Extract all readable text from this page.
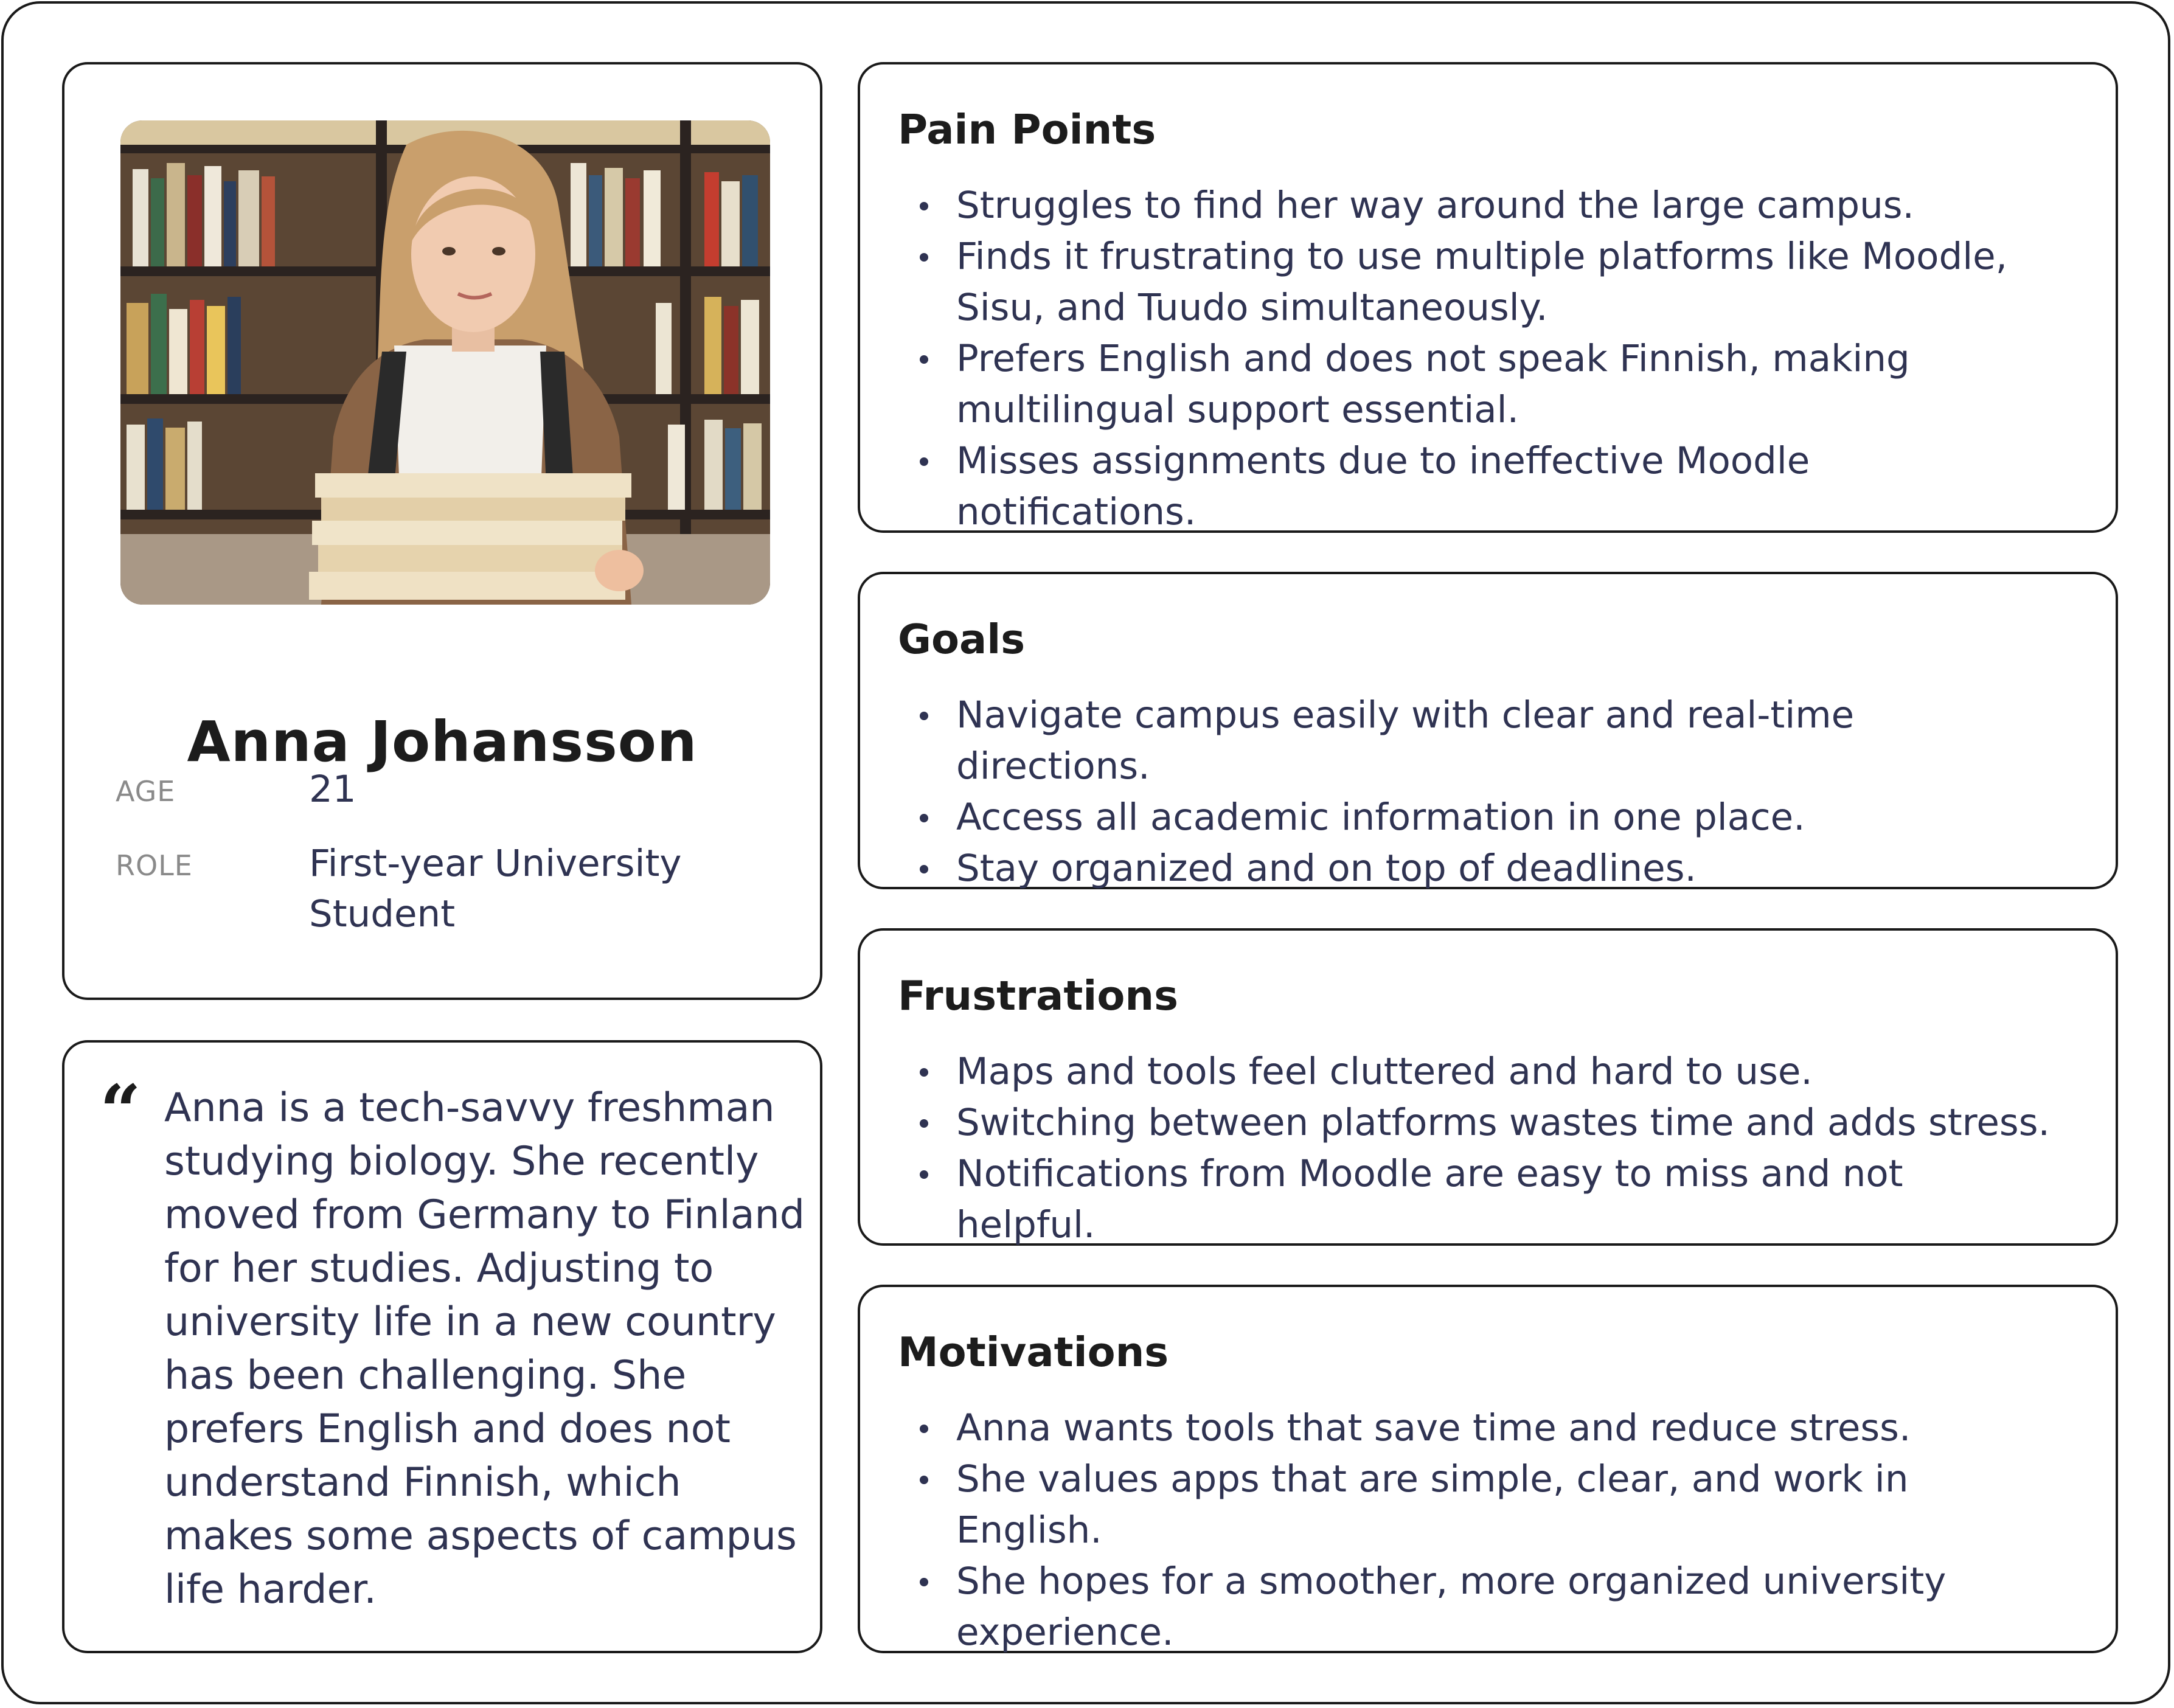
Anna Johansson
AGE	21
ROLE	First-year University Student
“ Anna is a tech-savvy freshman studying biology. She recently moved from Germany to Finland for her studies. Adjusting to university life in a new country has been challenging. She prefers English and does not understand Finnish, which makes some aspects of campus life harder.
Pain Points
Struggles to find her way around the large campus.
Finds it frustrating to use multiple platforms like Moodle, Sisu, and Tuudo simultaneously.
Prefers English and does not speak Finnish, making multilingual support essential.
Misses assignments due to ineffective Moodle notifications.
Goals
Navigate campus easily with clear and real-time directions.
Access all academic information in one place.
Stay organized and on top of deadlines.
Frustrations
Maps and tools feel cluttered and hard to use.
Switching between platforms wastes time and adds stress.
Notifications from Moodle are easy to miss and not helpful.
Motivations
Anna wants tools that save time and reduce stress.
She values apps that are simple, clear, and work in English.
She hopes for a smoother, more organized university experience.
